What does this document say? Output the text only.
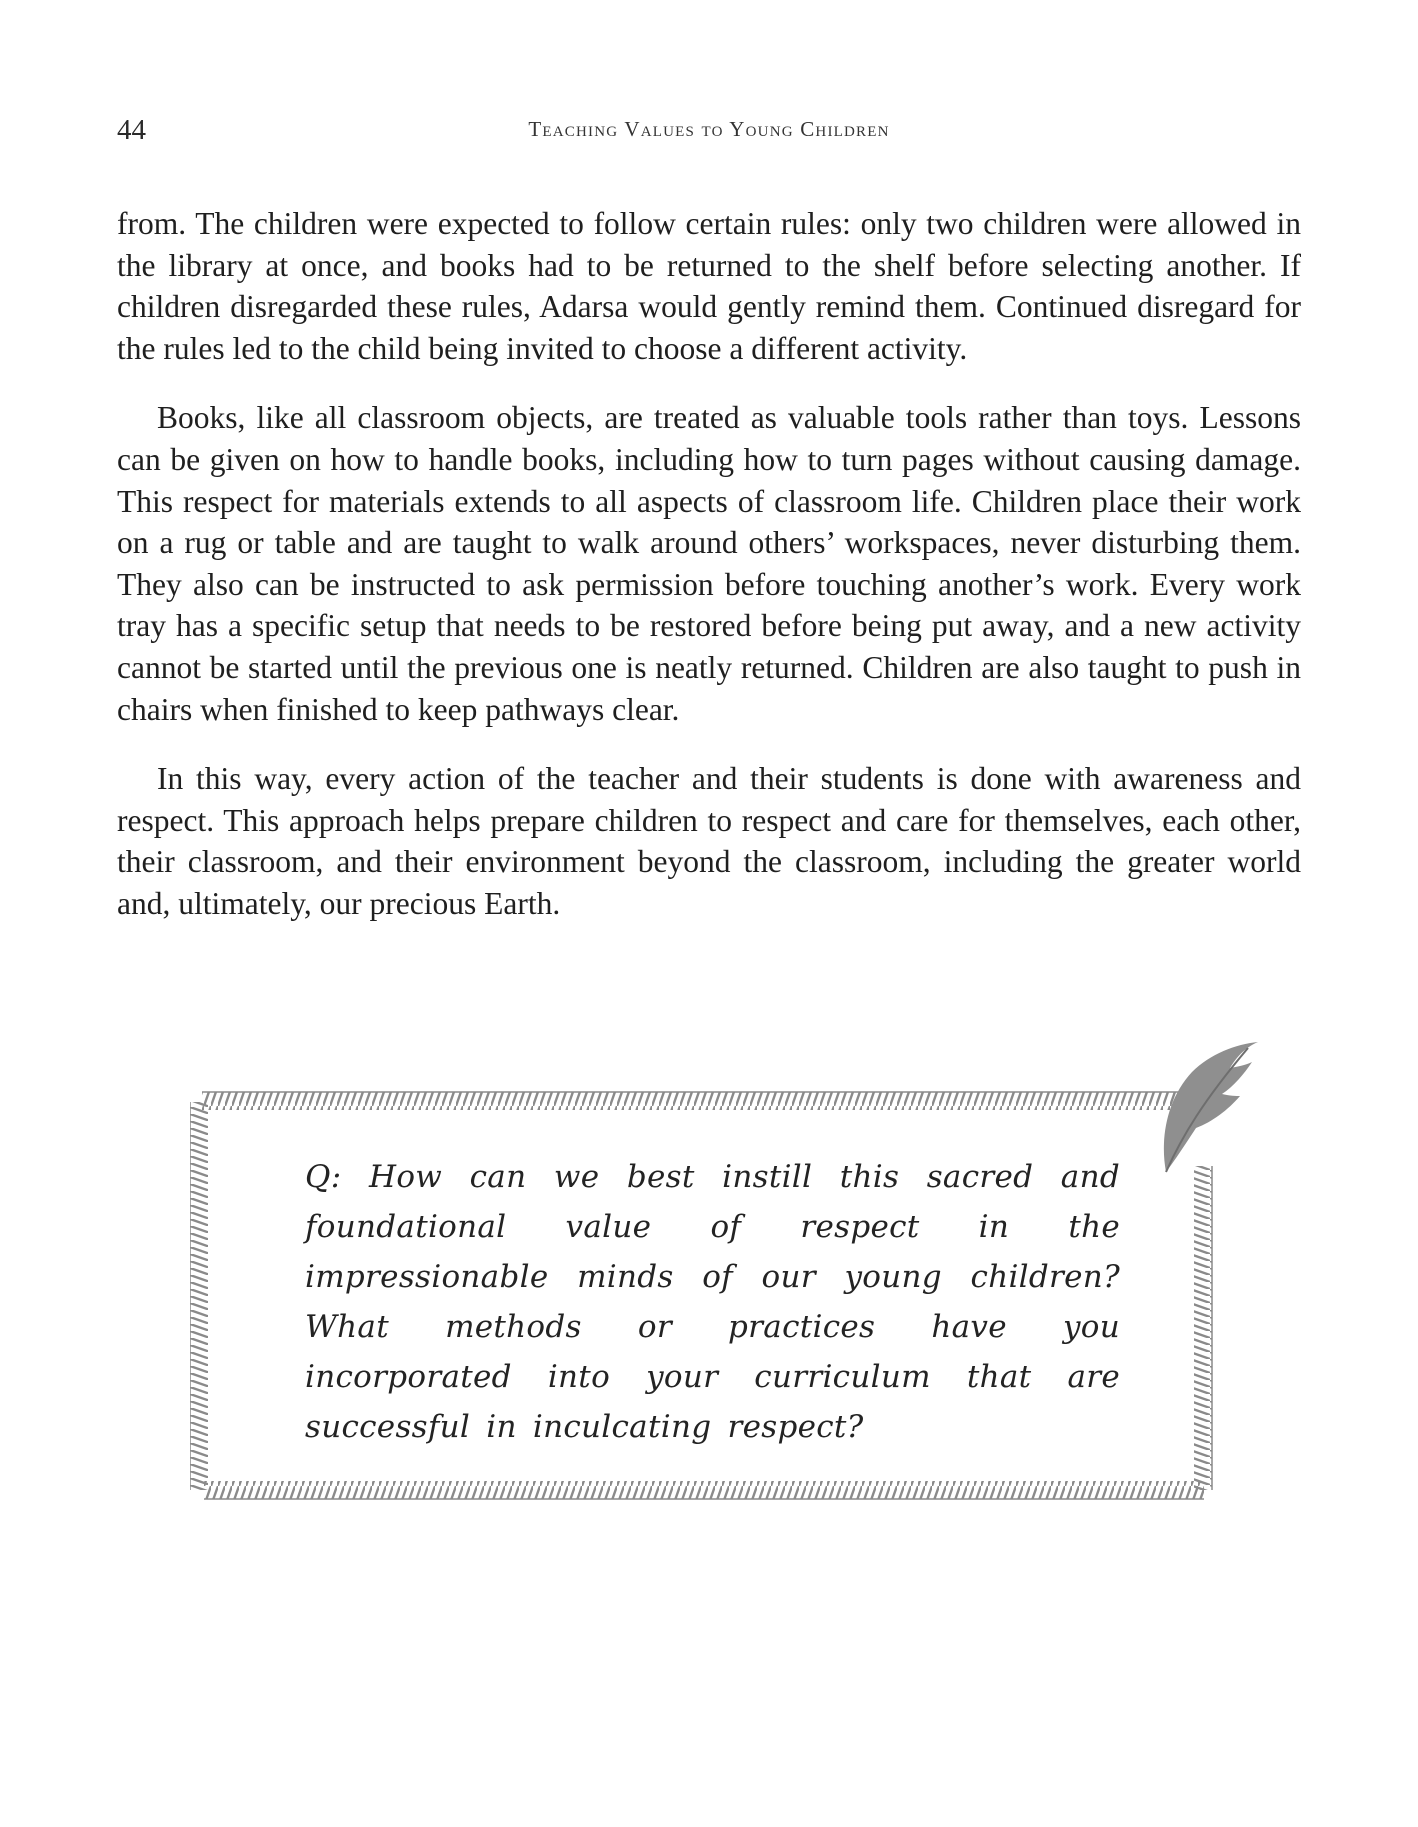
44	Teaching Values to Young Children

from. The children were expected to follow certain rules: only two children were allowed in the library at once, and books had to be returned to the shelf before selecting another. If children disregarded these rules, Adarsa would gently remind them. Continued disregard for the rules led to the child being invited to choose a different activity.

Books, like all classroom objects, are treated as valuable tools rather than toys. Lessons can be given on how to handle books, including how to turn pages without causing damage. This respect for materials extends to all aspects of classroom life. Children place their work on a rug or table and are taught to walk around others’ workspaces, never disturbing them. They also can be instructed to ask permission before touching another’s work. Every work tray has a specific setup that needs to be restored before being put away, and a new activity cannot be started until the previous one is neatly returned. Children are also taught to push in chairs when finished to keep pathways clear.

In this way, every action of the teacher and their students is done with awareness and respect. This approach helps prepare children to respect and care for themselves, each other, their classroom, and their environment beyond the classroom, including the greater world and, ultimately, our precious Earth.

Q: How can we best instill this sacred and foundational value of respect in the impressionable minds of our young children? What methods or practices have you incorporated into your curriculum that are successful in inculcating respect?
